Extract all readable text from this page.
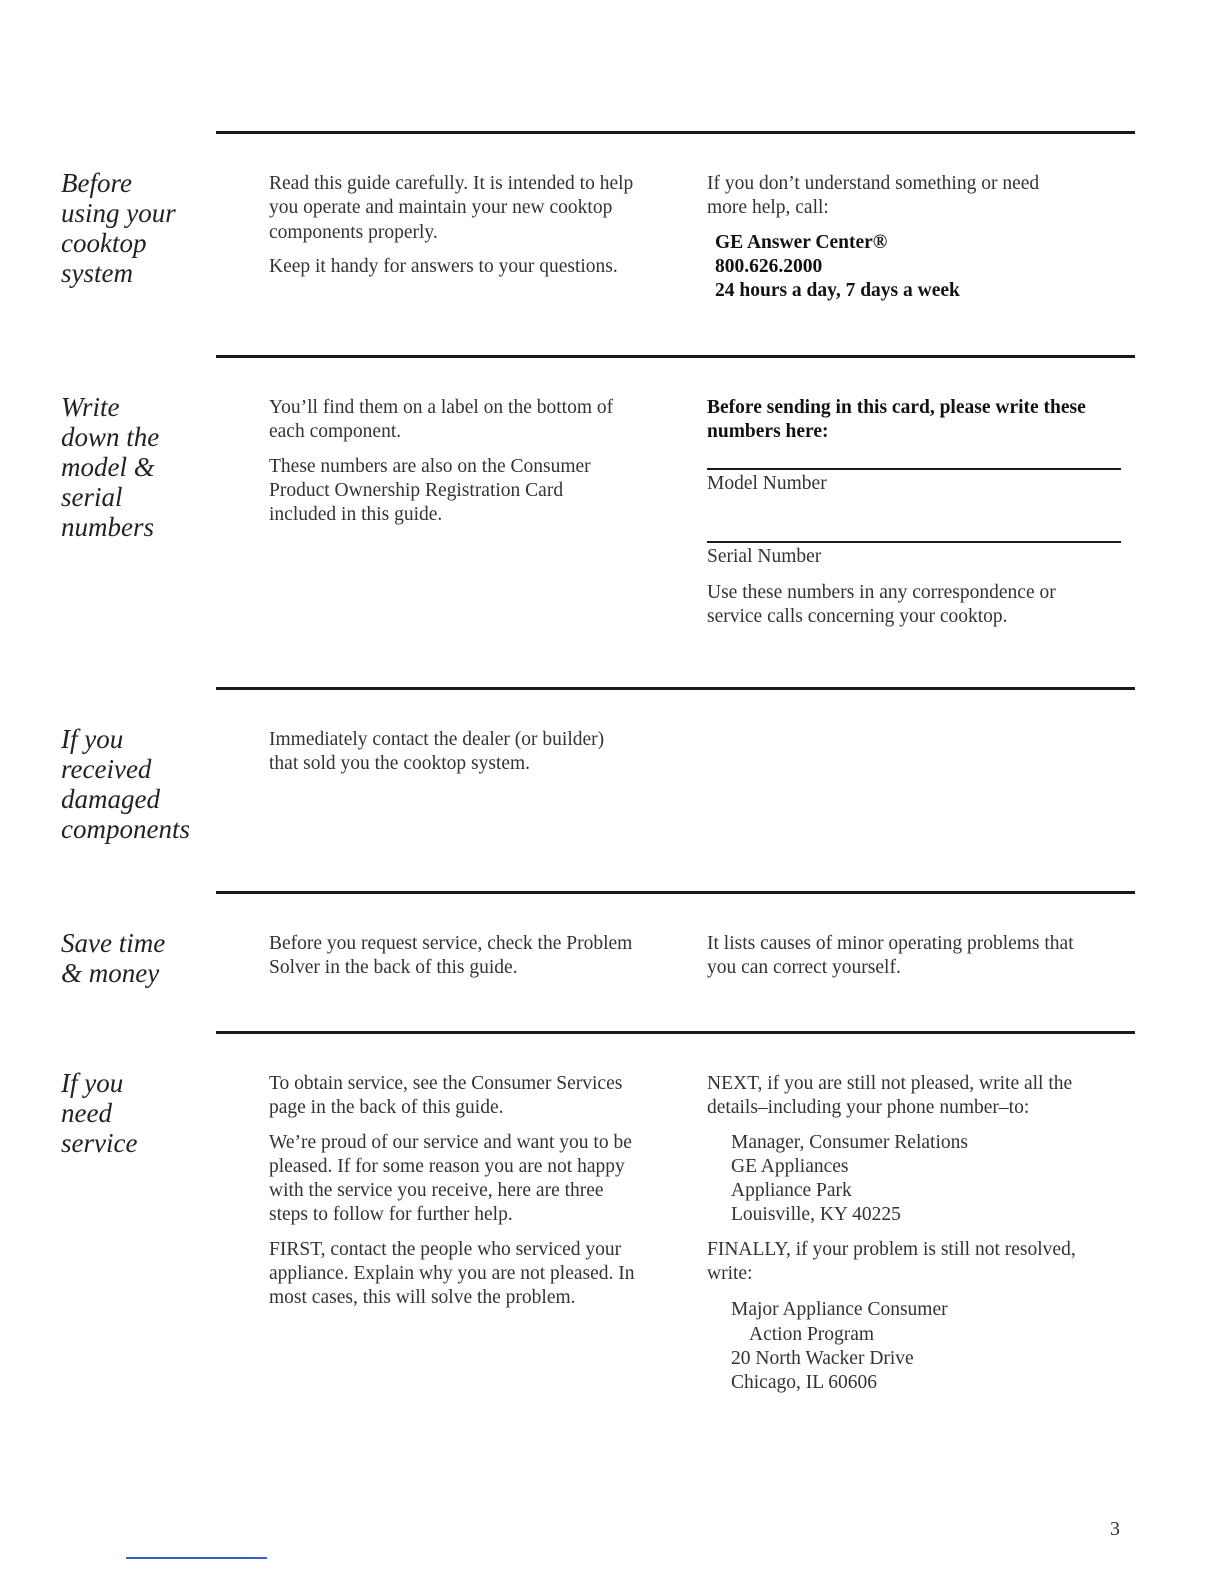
Before
using your
cooktop
system

Read this guide carefully. It is intended to help
you operate and maintain your new cooktop
components properly.

Keep it handy for answers to your questions.

If you don’t understand something or need
more help, call:

GE Answer Center®
800.626.2000
24 hours a day, 7 days a week
Write
down the
model &
serial
numbers

You’ll find them on a label on the bottom of
each component.

These numbers are also on the Consumer
Product Ownership Registration Card
included in this guide.

Before sending in this card, please write these
numbers here:

Model Number
Serial Number

Use these numbers in any correspondence or
service calls concerning your cooktop.

If you
received
damaged
components

Immediately contact the dealer (or builder)
that sold you the cooktop system.

Save time
& money

Before you request service, check the Problem
Solver in the back of this guide.

It lists causes of minor operating problems that
you can correct yourself.

If you
need
service

To obtain service, see the Consumer Services
page in the back of this guide.

We’re proud of our service and want you to be
pleased. If for some reason you are not happy
with the service you receive, here are three
steps to follow for further help.

FIRST, contact the people who serviced your
appliance. Explain why you are not pleased. In
most cases, this will solve the problem.

NEXT, if you are still not pleased, write all the
details–including your phone number–to:

Manager, Consumer Relations
GE Appliances
Appliance Park
Louisville, KY 40225

FINALLY, if your problem is still not resolved,
write:

Major Appliance Consumer
Action Program
20 North Wacker Drive
Chicago, IL 60606

3
